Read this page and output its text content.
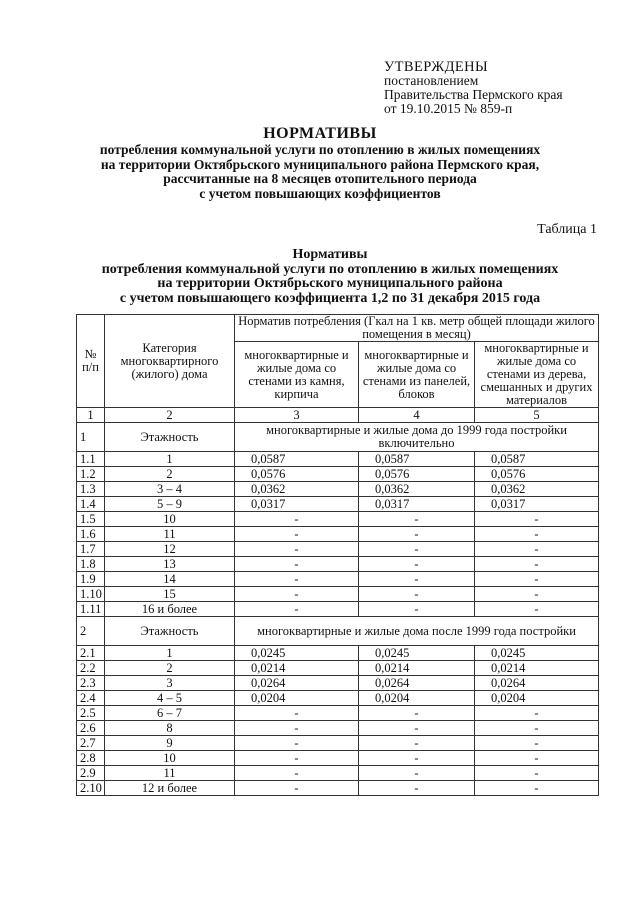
УТВЕРЖДЕНЫ
постановлением
Правительства Пермского края
от 19.10.2015 № 859-п
НОРМАТИВЫ
потребления коммунальной услуги по отоплению в жилых помещениях
на территории Октябрьского муниципального района Пермского края,
рассчитанные на 8 месяцев отопительного периода
с учетом повышающих коэффициентов
Таблица 1
Нормативы
потребления коммунальной услуги по отоплению в жилых помещениях
на территории Октябрьского муниципального района
с учетом повышающего коэффициента 1,2 по 31 декабря 2015 года
№ п/п	Категория многоквартирного (жилого) дома	Норматив потребления (Гкал на 1 кв. метр общей площади жилого помещения в месяц)		
		многоквартирные и жилые дома со стенами из камня, кирпича	многоквартирные и жилые дома со стенами из панелей, блоков	многоквартирные и жилые дома со стенами из дерева, смешанных и других материалов
1	2	3	4	5
1	Этажность	многоквартирные и жилые дома до 1999 года постройки включительно		
1.1	1	0,0587	0,0587	0,0587
1.2	2	0,0576	0,0576	0,0576
1.3	3 – 4	0,0362	0,0362	0,0362
1.4	5 – 9	0,0317	0,0317	0,0317
1.5	10	-	-	-
1.6	11	-	-	-
1.7	12	-	-	-
1.8	13	-	-	-
1.9	14	-	-	-
1.10	15	-	-	-
1.11	16 и более	-	-	-
2	Этажность	многоквартирные и жилые дома после 1999 года постройки		
2.1	1	0,0245	0,0245	0,0245
2.2	2	0,0214	0,0214	0,0214
2.3	3	0,0264	0,0264	0,0264
2.4	4 – 5	0,0204	0,0204	0,0204
2.5	6 – 7	-	-	-
2.6	8	-	-	-
2.7	9	-	-	-
2.8	10	-	-	-
2.9	11	-	-	-
2.10	12 и более	-	-	-
